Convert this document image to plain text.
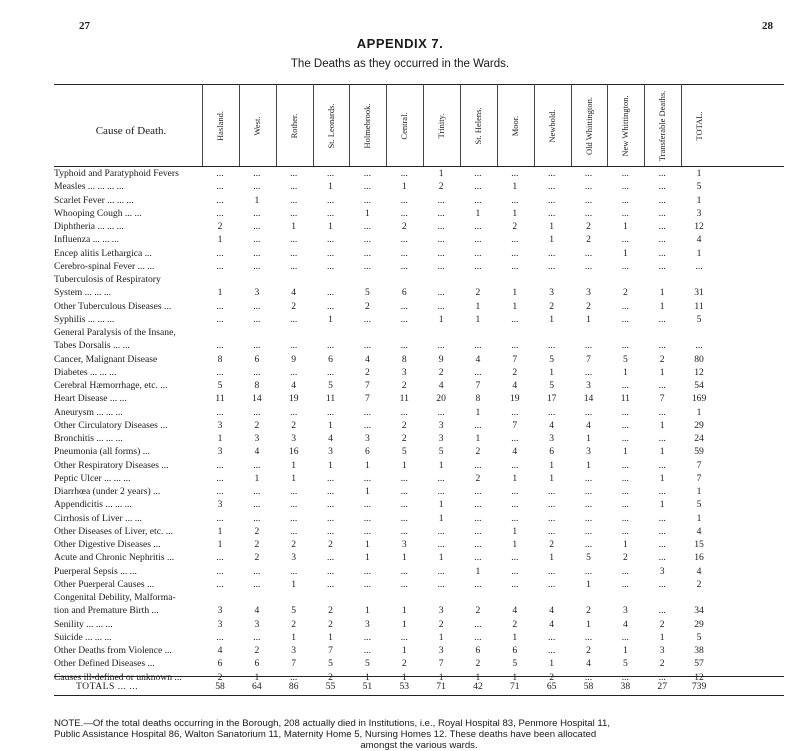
27	28
APPENDIX 7.
The Deaths as they occurred in the Wards.
Cause of Death.	Hasland.	West.	Rother.	St. Leonards.	Holmebrook.	Central.	Trinity.	St. Helens.	Moor.	Newbold.	Old Whittington.	New Whittington.	Transferable Deaths.	TOTAL.
Typhoid and Paratyphoid Fevers	...	...	...	...	...	...	1	...	...	...	...	...	...	1
Measles ... ... ... ...	...	...	...	1	...	1	2	...	1	...	...	...	...	5
Scarlet Fever ... ... ...	...	1	...	...	...	...	...	...	...	...	...	...	...	1
Whooping Cough ... ...	...	...	...	...	1	...	...	1	1	...	...	...	...	3
Diphtheria ... ... ...	2	...	1	1	...	2	...	...	2	1	2	1	...	12
Influenza ... ... ...	1	...	...	...	...	...	...	...	...	1	2	...	...	4
Encep alitis Lethargica ...	...	...	...	...	...	...	...	...	...	...	...	1	...	1
Cerebro-spinal Fever ... ...	...	...	...	...	...	...	...	...	...	...	...	...	...	...
Tuberculosis of Respiratory
System ... ... ...	1	3	4	...	5	6	...	2	1	3	3	2	1	31
Other Tuberculous Diseases ...	...	...	2	...	2	...	...	1	1	2	2	...	1	11
Syphilis ... ... ...	...	...	...	1	...	...	1	1	...	1	1	...	...	5
General Paralysis of the Insane,
Tabes Dorsalis ... ...	...	...	...	...	...	...	...	...	...	...	...	...	...	...
Cancer, Malignant Disease	8	6	9	6	4	8	9	4	7	5	7	5	2	80
Diabetes ... ... ...	...	...	...	...	2	3	2	...	2	1	...	1	1	12
Cerebral Hæmorrhage, etc. ...	5	8	4	5	7	2	4	7	4	5	3	...	...	54
Heart Disease ... ...	11	14	19	11	7	11	20	8	19	17	14	11	7	169
Aneurysm ... ... ...	...	...	...	...	...	...	...	1	...	...	...	...	...	1
Other Circulatory Diseases ...	3	2	2	1	...	2	3	...	7	4	4	...	1	29
Bronchitis ... ... ...	1	3	3	4	3	2	3	1	...	3	1	...	...	24
Pneumonia (all forms) ...	3	4	16	3	6	5	5	2	4	6	3	1	1	59
Other Respiratory Diseases ...	...	...	1	1	1	1	1	...	...	1	1	...	...	7
Peptic Ulcer ... ... ...	...	1	1	...	...	...	...	2	1	1	...	...	1	7
Diarrhœa (under 2 years) ...	...	...	...	...	1	...	...	...	...	...	...	...	...	1
Appendicitis ... ... ...	3	...	...	...	...	...	1	...	...	...	...	...	1	5
Cirrhosis of Liver ... ...	...	...	...	...	...	...	1	...	...	...	...	...	...	1
Other Diseases of Liver, etc. ...	1	2	...	...	...	...	...	...	1	...	...	...	...	4
Other Digestive Diseases ...	1	2	2	2	1	3	...	...	1	2	...	1	...	15
Acute and Chronic Nephritis ...	...	2	3	...	1	1	1	...	...	1	5	2	...	16
Puerperal Sepsis ... ...	...	...	...	...	...	...	...	1	...	...	...	...	3	4
Other Puerperal Causes ...	...	...	1	...	...	...	...	...	...	...	1	...	...	2
Congenital Debility, Malforma-
tion and Premature Birth ...	3	4	5	2	1	1	3	2	4	4	2	3	...	34
Senility ... ... ...	3	3	2	2	3	1	2	...	2	4	1	4	2	29
Suicide ... ... ...	...	...	1	1	...	...	1	...	1	...	...	...	1	5
Other Deaths from Violence ...	4	2	3	7	...	1	3	6	6	...	2	1	3	38
Other Defined Diseases ...	6	6	7	5	5	2	7	2	5	1	4	5	2	57
Causes ill-defined or unknown ...	2	1	...	2	1	1	1	1	1	2	...	...	...	12
TOTALS ... ...	58	64	86	55	51	53	71	42	71	65	58	38	27	739
NOTE.—Of the total deaths occurring in the Borough, 208 actually died in Institutions, i.e., Royal Hospital 83, Penmore Hospital 11,
Public Assistance Hospital 86, Walton Sanatorium 11, Maternity Home 5, Nursing Homes 12. These deaths have been allocated
amongst the various wards.
